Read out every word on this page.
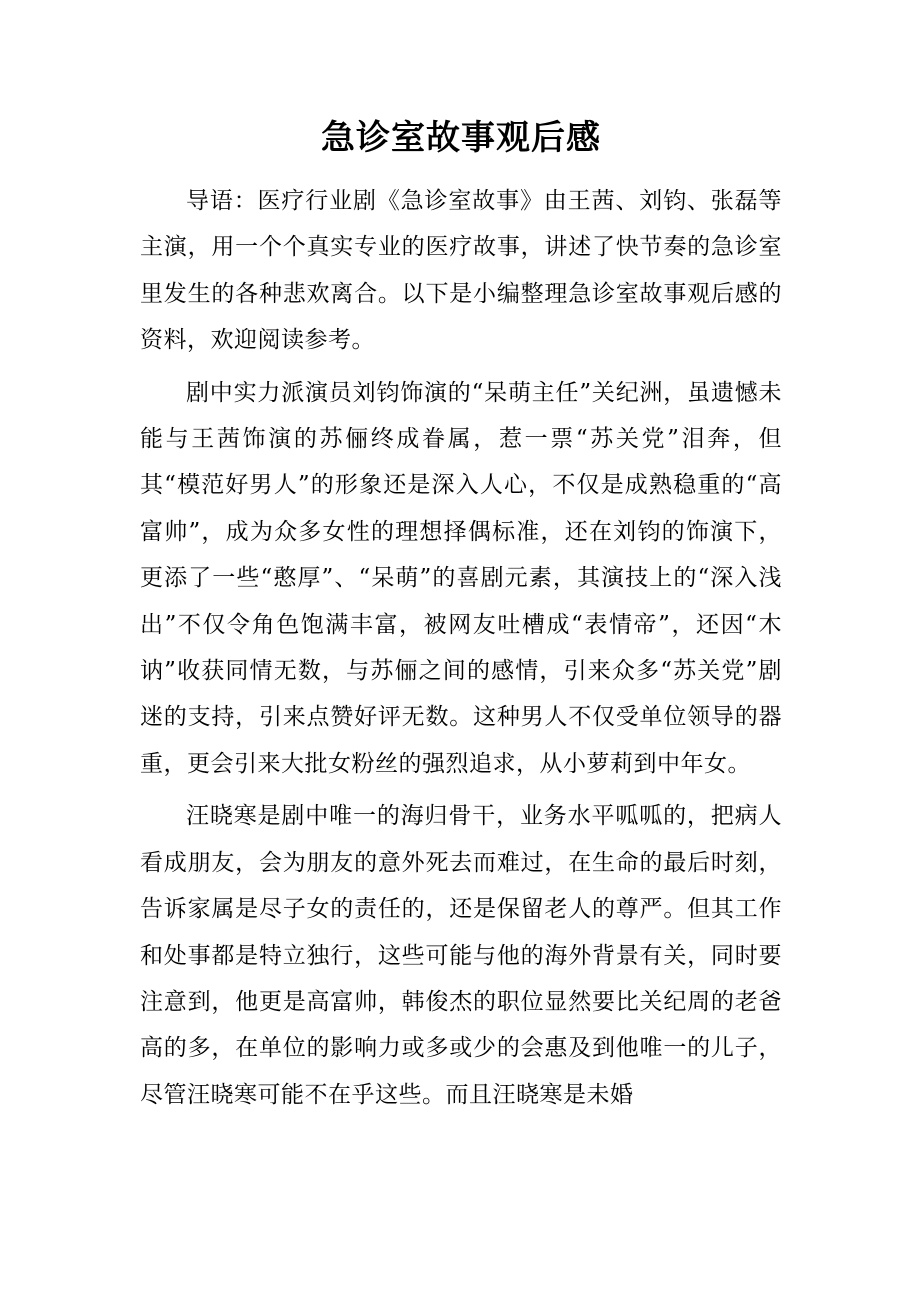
急诊室故事观后感

导语：医疗行业剧《急诊室故事》由王茜、刘钧、张磊等主演，用一个个真实专业的医疗故事，讲述了快节奏的急诊室里发生的各种悲欢离合。以下是小编整理急诊室故事观后感的资料，欢迎阅读参考。

剧中实力派演员刘钧饰演的“呆萌主任”关纪洲，虽遗憾未能与王茜饰演的苏俪终成眷属，惹一票“苏关党”泪奔，但其“模范好男人”的形象还是深入人心，不仅是成熟稳重的“高富帅”，成为众多女性的理想择偶标准，还在刘钧的饰演下，更添了一些“憨厚”、“呆萌”的喜剧元素，其演技上的“深入浅出”不仅令角色饱满丰富，被网友吐槽成“表情帝”，还因“木讷”收获同情无数，与苏俪之间的感情，引来众多“苏关党”剧迷的支持，引来点赞好评无数。这种男人不仅受单位领导的器重，更会引来大批女粉丝的强烈追求，从小萝莉到中年女。

汪晓寒是剧中唯一的海归骨干，业务水平呱呱的，把病人看成朋友，会为朋友的意外死去而难过，在生命的最后时刻，告诉家属是尽子女的责任的，还是保留老人的尊严。但其工作和处事都是特立独行，这些可能与他的海外背景有关，同时要注意到，他更是高富帅，韩俊杰的职位显然要比关纪周的老爸高的多，在单位的影响力或多或少的会惠及到他唯一的儿子，尽管汪晓寒可能不在乎这些。而且汪晓寒是未婚
